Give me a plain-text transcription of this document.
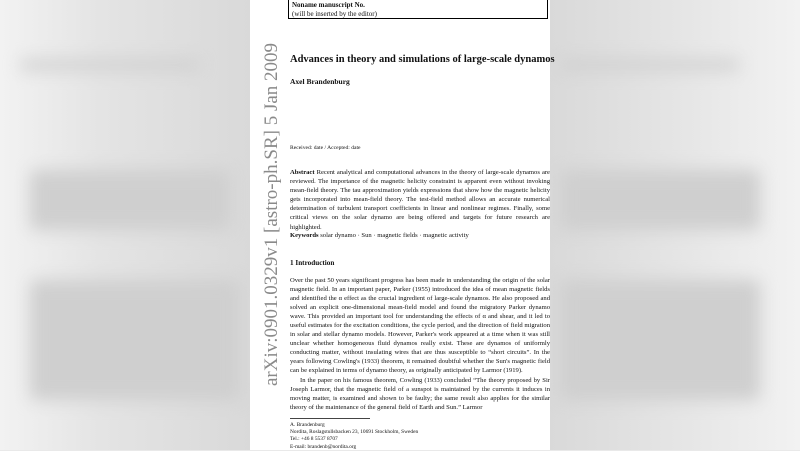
arXiv:0901.0329v1 [astro-ph.SR] 5 Jan 2009
Noname manuscript No.
(will be inserted by the editor)
Advances in theory and simulations of large-scale dynamos
Axel Brandenburg
Received: date / Accepted: date
Abstract Recent analytical and computational advances in the theory of large-scale dynamos are reviewed. The importance of the magnetic helicity constraint is apparent even without invoking mean-field theory. The tau approximation yields expressions that show how the magnetic helicity gets incorporated into mean-field theory. The test-field method allows an accurate numerical determination of turbulent transport coefficients in linear and nonlinear regimes. Finally, some critical views on the solar dynamo are being offered and targets for future research are highlighted.
Keywords solar dynamo · Sun · magnetic fields · magnetic activity
1 Introduction

Over the past 50 years significant progress has been made in understanding the origin of the solar magnetic field. In an important paper, Parker (1955) introduced the idea of mean magnetic fields and identified the α effect as the crucial ingredient of large-scale dynamos. He also proposed and solved an explicit one-dimensional mean-field model and found the migratory Parker dynamo wave. This provided an important tool for understanding the effects of α and shear, and it led to useful estimates for the excitation conditions, the cycle period, and the direction of field migration in solar and stellar dynamo models. However, Parker's work appeared at a time when it was still unclear whether homogeneous fluid dynamos really exist. These are dynamos of uniformly conducting matter, without insulating wires that are thus susceptible to “short circuits”. In the years following Cowling's (1933) theorem, it remained doubtful whether the Sun's magnetic field can be explained in terms of dynamo theory, as originally anticipated by Larmor (1919).

In the paper on his famous theorem, Cowling (1933) concluded “The theory proposed by Sir Joseph Larmor, that the magnetic field of a sunspot is maintained by the currents it induces in moving matter, is examined and shown to be faulty; the same result also applies for the similar theory of the maintenance of the general field of Earth and Sun.” Larmor

A. Brandenburg
Nordita, Roslagstullsbacken 23, 10691 Stockholm, Sweden
Tel.: +46 8 5537 8707
E-mail: brandenb@nordita.org
